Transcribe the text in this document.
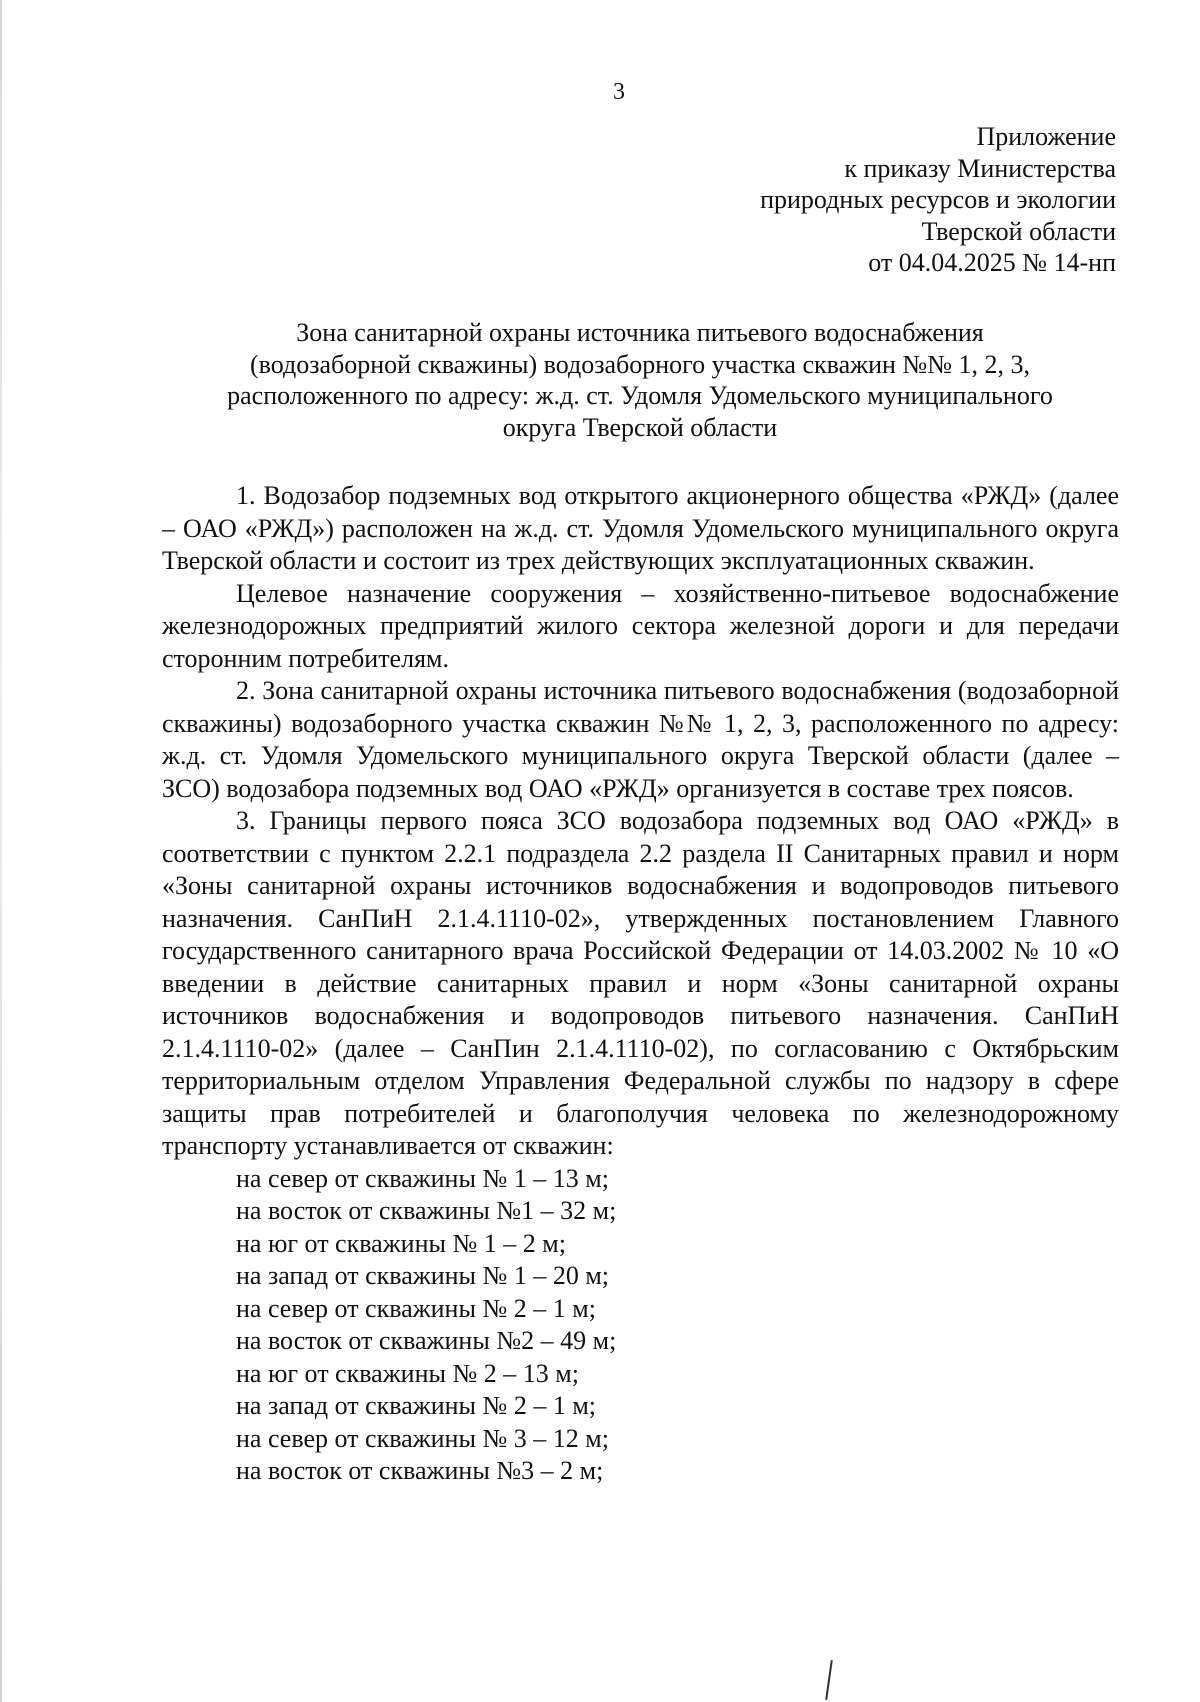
3
Приложение
к приказу Министерства
природных ресурсов и экологии
Тверской области
от 04.04.2025 № 14-нп
Зона санитарной охраны источника питьевого водоснабжения
(водозаборной скважины) водозаборного участка скважин №№ 1, 2, 3,
расположенного по адресу: ж.д. ст. Удомля Удомельского муниципального
округа Тверской области

1. Водозабор подземных вод открытого акционерного общества «РЖД» (далее – ОАО «РЖД») расположен на ж.д. ст. Удомля Удомельского муниципального округа Тверской области и состоит из трех действующих эксплуатационных скважин.

Целевое назначение сооружения – хозяйственно-питьевое водоснабжение железнодорожных предприятий жилого сектора железной дороги и для передачи сторонним потребителям.

2. Зона санитарной охраны источника питьевого водоснабжения (водозаборной скважины) водозаборного участка скважин №№ 1, 2, 3, расположенного по адресу: ж.д. ст. Удомля Удомельского муниципального округа Тверской области (далее – ЗСО) водозабора подземных вод ОАО «РЖД» организуется в составе трех поясов.

3. Границы первого пояса ЗСО водозабора подземных вод ОАО «РЖД» в соответствии с пунктом 2.2.1 подраздела 2.2 раздела II Санитарных правил и норм «Зоны санитарной охраны источников водоснабжения и водопроводов питьевого назначения. СанПиН 2.1.4.1110-02», утвержденных постановлением Главного государственного санитарного врача Российской Федерации от 14.03.2002 № 10 «О введении в действие санитарных правил и норм «Зоны санитарной охраны источников водоснабжения и водопроводов питьевого назначения. СанПиН 2.1.4.1110-02» (далее – СанПин 2.1.4.1110-02), по согласованию с Октябрьским территориальным отделом Управления Федеральной службы по надзору в сфере защиты прав потребителей и благополучия человека по железнодорожному транспорту устанавливается от скважин:

на север от скважины № 1 – 13 м;
на восток от скважины №1 – 32 м;
на юг от скважины № 1 – 2 м;
на запад от скважины № 1 – 20 м;
на север от скважины № 2 – 1 м;
на восток от скважины №2 – 49 м;
на юг от скважины № 2 – 13 м;
на запад от скважины № 2 – 1 м;
на север от скважины № 3 – 12 м;
на восток от скважины №3 – 2 м;
